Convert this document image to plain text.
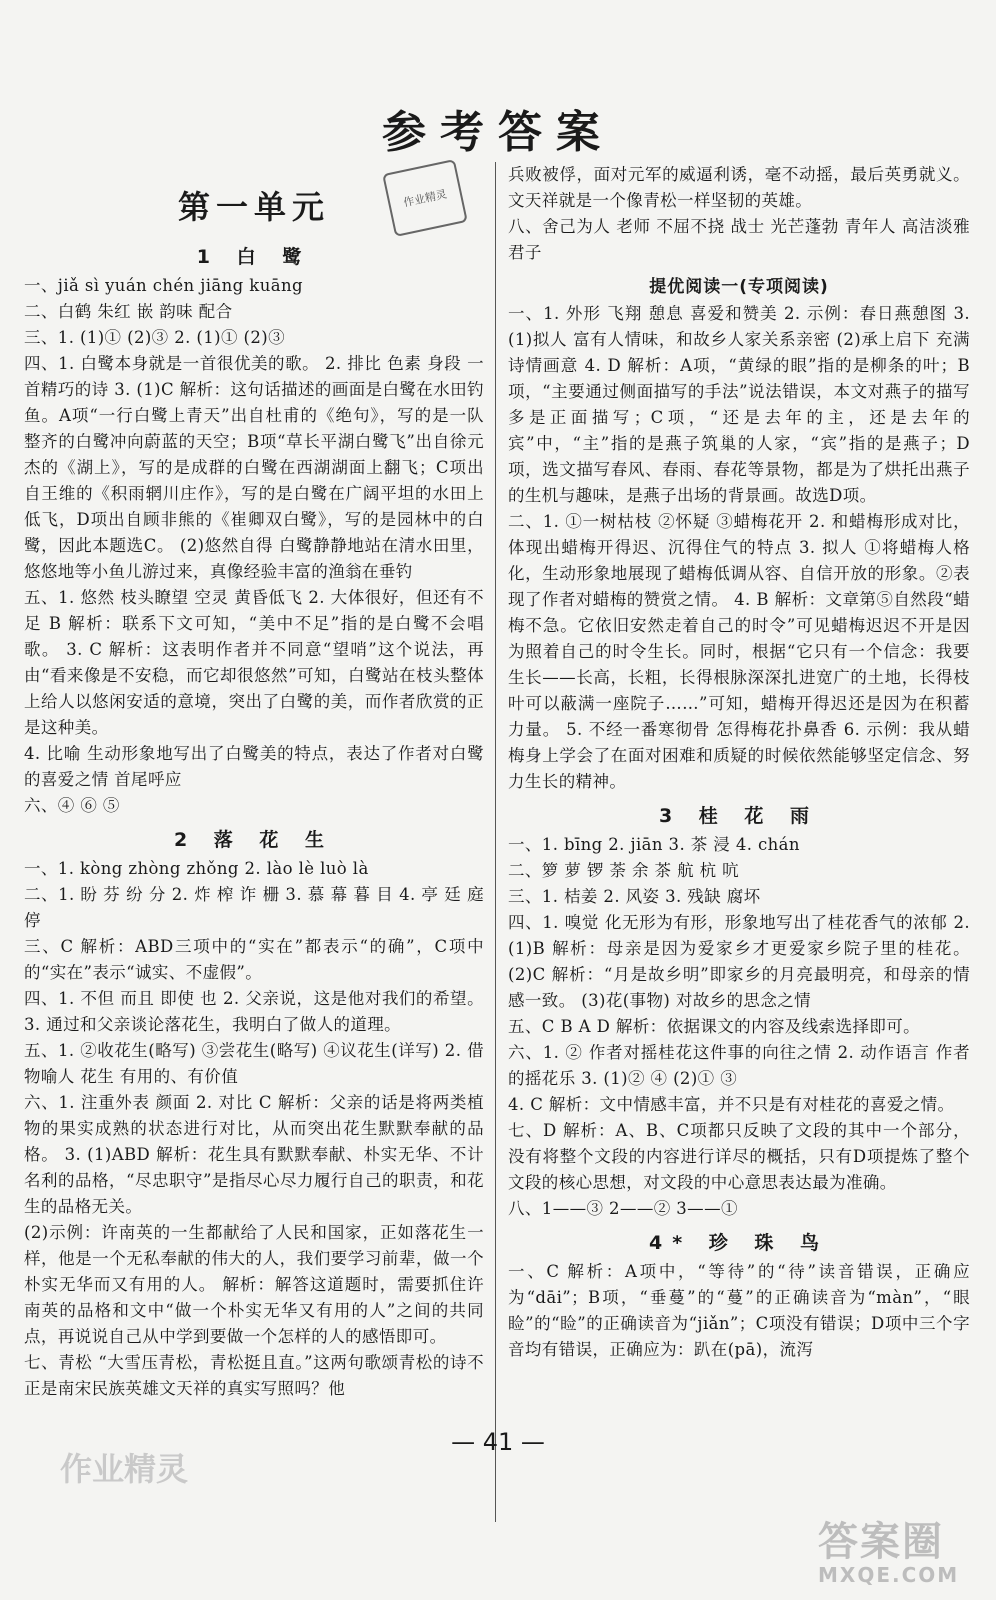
参考答案
第一单元	作业精灵
1 白 鹭

一、jiǎ sì yuán chén jiāng kuāng

二、白鹤 朱红 嵌 韵味 配合

三、1. (1)① (2)③ 2. (1)① (2)③

四、1. 白鹭本身就是一首很优美的歌。 2. 排比 色素 身段 一首精巧的诗 3. (1)C 解析：这句话描述的画面是白鹭在水田钓鱼。A项“一行白鹭上青天”出自杜甫的《绝句》，写的是一队整齐的白鹭冲向蔚蓝的天空；B项“草长平湖白鹭飞”出自徐元杰的《湖上》，写的是成群的白鹭在西湖湖面上翻飞；C项出自王维的《积雨辋川庄作》，写的是白鹭在广阔平坦的水田上低飞，D项出自顾非熊的《崔卿双白鹭》，写的是园林中的白鹭，因此本题选C。 (2)悠然自得 白鹭静静地站在清水田里，悠悠地等小鱼儿游过来，真像经验丰富的渔翁在垂钓

五、1. 悠然 枝头瞭望 空灵 黄昏低飞 2. 大体很好，但还有不足 B 解析：联系下文可知，“美中不足”指的是白鹭不会唱歌。 3. C 解析：这表明作者并不同意“望哨”这个说法，再由“看来像是不安稳，而它却很悠然”可知，白鹭站在枝头整体上给人以悠闲安适的意境，突出了白鹭的美，而作者欣赏的正是这种美。

4. 比喻 生动形象地写出了白鹭美的特点，表达了作者对白鹭的喜爱之情 首尾呼应

六、④ ⑥ ⑤

2 落 花 生

一、1. kòng zhòng zhǒng 2. lào lè luò là

二、1. 盼 芬 纷 分 2. 炸 榨 诈 栅 3. 慕 幕 暮 目 4. 亭 廷 庭 停

三、C 解析：ABD三项中的“实在”都表示“的确”，C项中的“实在”表示“诚实、不虚假”。

四、1. 不但 而且 即使 也 2. 父亲说，这是他对我们的希望。 3. 通过和父亲谈论落花生，我明白了做人的道理。

五、1. ②收花生(略写) ③尝花生(略写) ④议花生(详写) 2. 借物喻人 花生 有用的、有价值

六、1. 注重外表 颜面 2. 对比 C 解析：父亲的话是将两类植物的果实成熟的状态进行对比，从而突出花生默默奉献的品格。 3. (1)ABD 解析：花生具有默默奉献、朴实无华、不计名利的品格，“尽忠职守”是指尽心尽力履行自己的职责，和花生的品格无关。

(2)示例：许南英的一生都献给了人民和国家，正如落花生一样，他是一个无私奉献的伟大的人，我们要学习前辈，做一个朴实无华而又有用的人。 解析：解答这道题时，需要抓住许南英的品格和文中“做一个朴实无华又有用的人”之间的共同点，再说说自己从中学到要做一个怎样的人的感悟即可。

七、青松 “大雪压青松，青松挺且直。”这两句歌颂青松的诗不正是南宋民族英雄文天祥的真实写照吗？他

兵败被俘，面对元军的威逼利诱，毫不动摇，最后英勇就义。文天祥就是一个像青松一样坚韧的英雄。

八、舍己为人 老师 不屈不挠 战士 光芒蓬勃 青年人 高洁淡雅 君子

提优阅读一(专项阅读)

一、1. 外形 飞翔 憩息 喜爱和赞美 2. 示例：春日燕憩图 3. (1)拟人 富有人情味，和故乡人家关系亲密 (2)承上启下 充满诗情画意 4. D 解析：A项，“黄绿的眼”指的是柳条的叶；B项，“主要通过侧面描写的手法”说法错误，本文对燕子的描写多是正面描写；C项，“还是去年的主，还是去年的宾”中，“主”指的是燕子筑巢的人家，“宾”指的是燕子；D项，选文描写春风、春雨、春花等景物，都是为了烘托出燕子的生机与趣味，是燕子出场的背景画。故选D项。

二、1. ①一树枯枝 ②怀疑 ③蜡梅花开 2. 和蜡梅形成对比，体现出蜡梅开得迟、沉得住气的特点 3. 拟人 ①将蜡梅人格化，生动形象地展现了蜡梅低调从容、自信开放的形象。②表现了作者对蜡梅的赞赏之情。 4. B 解析：文章第⑤自然段“蜡梅不急。它依旧安然走着自己的时令”可见蜡梅迟迟不开是因为照着自己的时令生长。同时，根据“它只有一个信念：我要生长——长高，长粗，长得根脉深深扎进宽广的土地，长得枝叶可以蔽满一座院子……”可知，蜡梅开得迟还是因为在积蓄力量。 5. 不经一番寒彻骨 怎得梅花扑鼻香 6. 示例：我从蜡梅身上学会了在面对困难和质疑的时候依然能够坚定信念、努力生长的精神。

3 桂 花 雨

一、1. bīng 2. jiān 3. 茶 浸 4. chán

二、箩 萝 锣 荼 余 茶 航 杭 吭

三、1. 桔姜 2. 风姿 3. 残缺 腐坏

四、1. 嗅觉 化无形为有形，形象地写出了桂花香气的浓郁 2. (1)B 解析：母亲是因为爱家乡才更爱家乡院子里的桂花。 (2)C 解析：“月是故乡明”即家乡的月亮最明亮，和母亲的情感一致。 (3)花(事物) 对故乡的思念之情

五、C B A D 解析：依据课文的内容及线索选择即可。

六、1. ② 作者对摇桂花这件事的向往之情 2. 动作语言 作者的摇花乐 3. (1)② ④ (2)① ③

4. C 解析：文中情感丰富，并不只是有对桂花的喜爱之情。

七、D 解析：A、B、C项都只反映了文段的其中一个部分，没有将整个文段的内容进行详尽的概括，只有D项提炼了整个文段的核心思想，对文段的中心意思表达最为准确。

八、1——③ 2——② 3——①

4* 珍 珠 鸟

一、C 解析：A项中，“等待”的“待”读音错误，正确应为“dāi”；B项，“垂蔓”的“蔓”的正确读音为“màn”，“眼睑”的“睑”的正确读音为“jiǎn”；C项没有错误；D项中三个字音均有错误，正确应为：趴在(pā)，流泻

— 41 —
作业精灵
答案圈
MXQE.COM
